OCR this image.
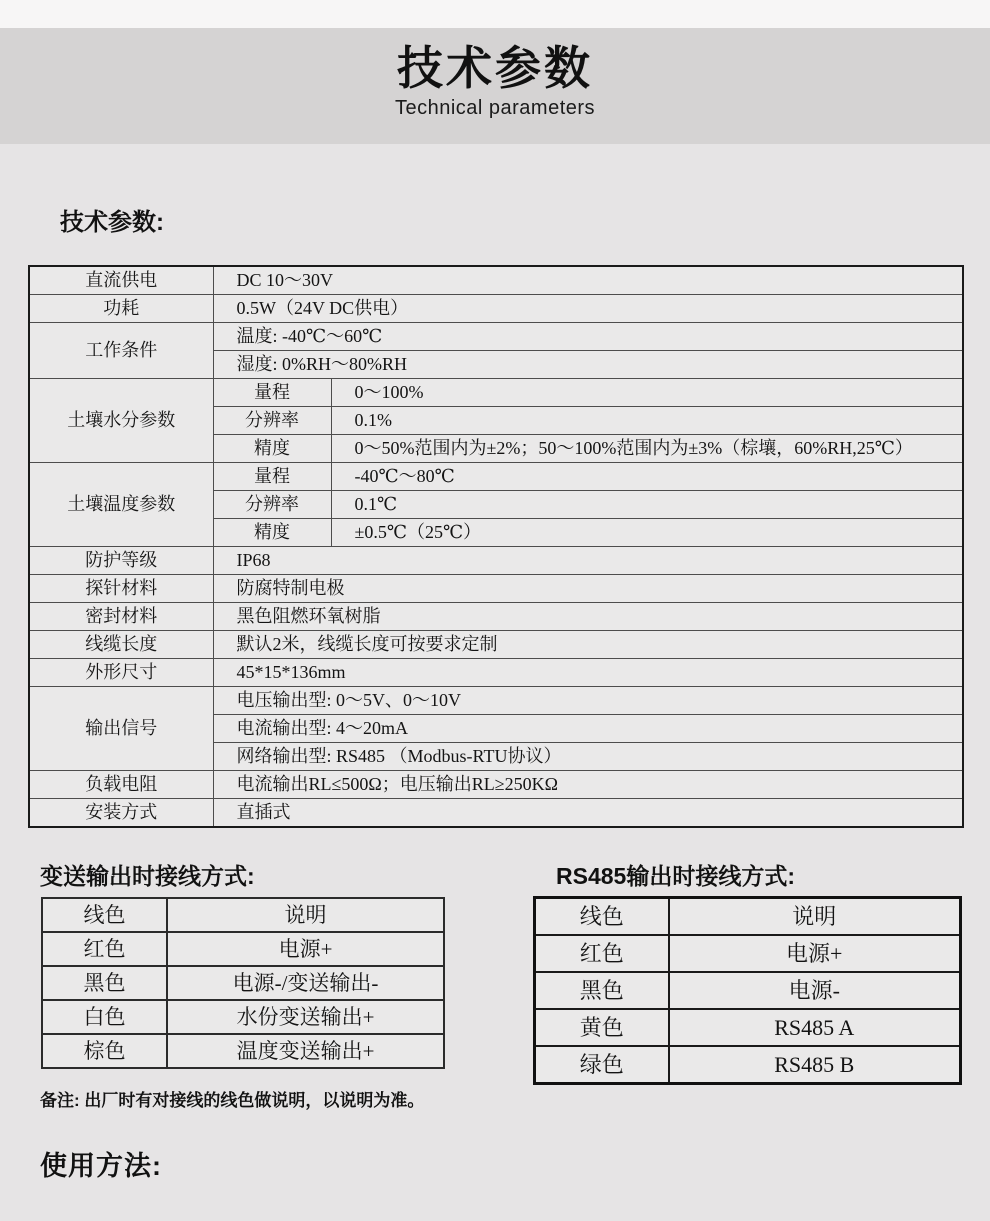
技术参数
Technical parameters
技术参数:
直流供电	DC 10～30V	
功耗	0.5W（24V DC供电）	
工作条件	温度: -40℃～60℃	
	湿度: 0%RH～80%RH	
土壤水分参数	量程	0～100%
	分辨率	0.1%
	精度	0～50%范围内为±2%；50～100%范围内为±3%（棕壤，60%RH,25℃）
土壤温度参数	量程	-40℃～80℃
	分辨率	0.1℃
	精度	±0.5℃（25℃）
防护等级	IP68	
探针材料	防腐特制电极	
密封材料	黑色阻燃环氧树脂	
线缆长度	默认2米，线缆长度可按要求定制	
外形尺寸	45*15*136mm	
输出信号	电压输出型: 0～5V、0～10V	
	电流输出型: 4～20mA	
	网络输出型: RS485 （Modbus-RTU协议）	
负载电阻	电流输出RL≤500Ω；电压输出RL≥250KΩ	
安装方式	直插式	
变送输出时接线方式:	RS485输出时接线方式:
线色	说明
红色	电源+
黑色	电源-/变送输出-
白色	水份变送输出+
棕色	温度变送输出+
线色	说明
红色	电源+
黑色	电源-
黄色	RS485 A
绿色	RS485 B
备注: 出厂时有对接线的线色做说明，以说明为准。
使用方法:
